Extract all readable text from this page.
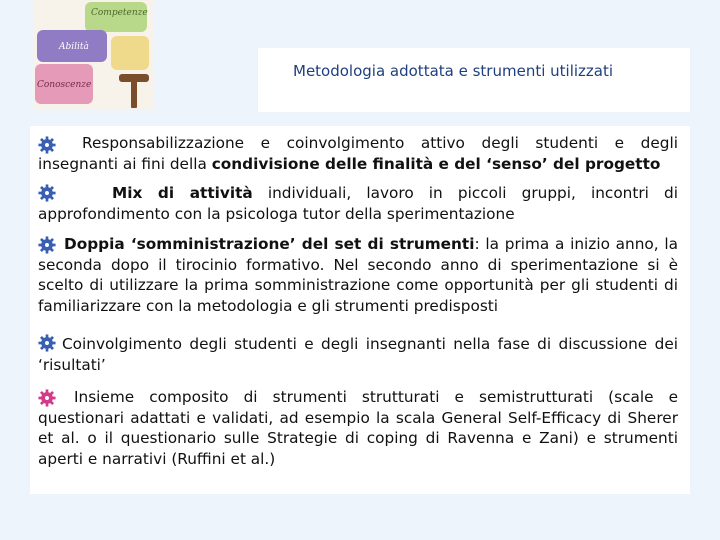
Competenze
Abilità
Conoscenze
Metodologia adottata e strumenti utilizzati

Responsabilizzazione e coinvolgimento attivo degli studenti e degli insegnanti ai fini della condivisione delle finalità e del ‘senso’ del progetto

Mix di attività individuali, lavoro in piccoli gruppi, incontri di approfondimento con la psicologa tutor della sperimentazione

Doppia ‘somministrazione’ del set di strumenti: la prima a inizio anno, la seconda dopo il tirocinio formativo. Nel secondo anno di sperimentazione si è scelto di utilizzare la prima somministrazione come opportunità per gli studenti di familiarizzare con la metodologia e gli strumenti predisposti

Coinvolgimento degli studenti e degli insegnanti nella fase di discussione dei ‘risultati’

Insieme composito di strumenti strutturati e semistrutturati (scale e questionari adattati e validati, ad esempio la scala General Self-Efficacy di Sherer et al. o il questionario sulle Strategie di coping di Ravenna e Zani) e strumenti aperti e narrativi (Ruffini et al.)
